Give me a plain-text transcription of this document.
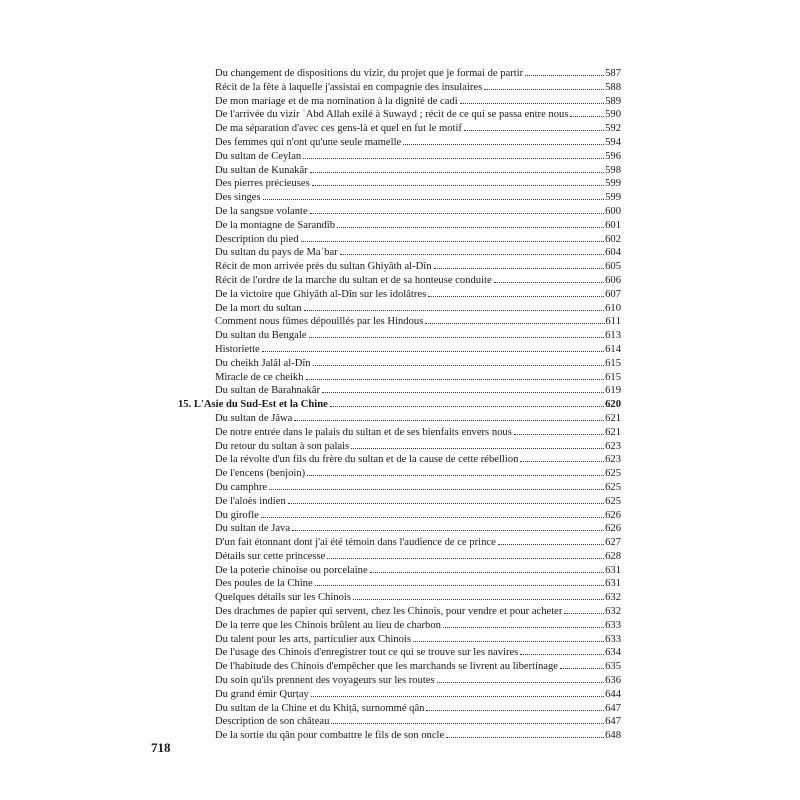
Du changement de dispositions du vizir, du projet que je formai de partir	587
Récit de la fête à laquelle j'assistai en compagnie des insulaires	588
De mon mariage et de ma nomination à la dignité de cadi	589
De l'arrivée du vizir ʿAbd Allah exilé à Suwayd ; récit de ce qui se passa entre nous	590
De ma séparation d'avec ces gens-là et quel en fut le motif	592
Des femmes qui n'ont qu'une seule mamelle	594
Du sultan de Ceylan	596
Du sultan de Kunakâr	598
Des pierres précieuses	599
Des singes	599
De la sangsue volante	600
De la montagne de Sarandîb	601
Description du pied	602
Du sultan du pays de Maʿbar	604
Récit de mon arrivée près du sultan Ghiyâth al-Dîn	605
Récit de l'ordre de la marche du sultan et de sa honteuse conduite	606
De la victoire que Ghiyâth al-Dîn sur les idolâtres	607
De la mort du sultan	610
Comment nous fûmes dépouillés par les Hindous	611
Du sultan du Bengale	613
Historiette	614
Du cheikh Jalâl al-Dîn	615
Miracle de ce cheikh	615
Du sultan de Barahnakâr	619
15. L'Asie du Sud-Est et la Chine	620
Du sultan de Jâwa	621
De notre entrée dans le palais du sultan et de ses bienfaits envers nous	621
Du retour du sultan à son palais	623
De la révolte d'un fils du frère du sultan et de la cause de cette rébellion	623
De l'encens (benjoin)	625
Du camphre	625
De l'aloès indien	625
Du girofle	626
Du sultan de Java	626
D'un fait étonnant dont j'ai été témoin dans l'audience de ce prince	627
Détails sur cette princesse	628
De la poterie chinoise ou porcelaine	631
Des poules de la Chine	631
Quelques détails sur les Chinois	632
Des drachmes de papier qui servent, chez les Chinois, pour vendre et pour acheter	632
De la terre que les Chinois brûlent au lieu de charbon	633
Du talent pour les arts, particulier aux Chinois	633
De l'usage des Chinois d'enregistrer tout ce qui se trouve sur les navires	634
De l'habitude des Chinois d'empêcher que les marchands se livrent au libertinage	635
Du soin qu'ils prennent des voyageurs sur les routes	636
Du grand émir Qurṭay	644
Du sultan de la Chine et du Khiṭâ, surnommé qân	647
Description de son château	647
De la sortie du qân pour combattre le fils de son oncle	648
718
